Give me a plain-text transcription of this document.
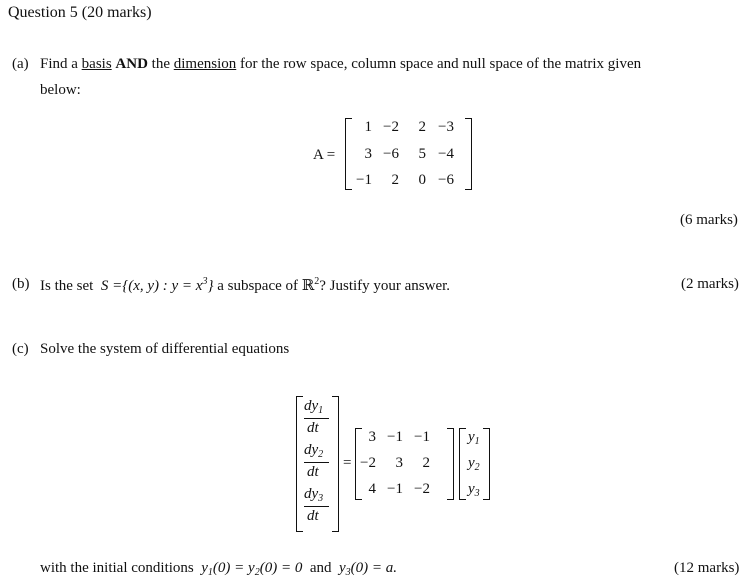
Question 5 (20 marks)
(a) Find a basis AND the dimension for the row space, column space and null space of the matrix given
below:
A =
1 −2	2 −3
3 −6	5 −4
−1	2	0 −6
(6 marks)
(b) Is the set S ={(x, y) : $y = x^3$} a subspace of ℝ$^2$? Justify your answer.	(2 marks)
(c) Solve the system of differential equations
$dy_1$
dt
$dy_2$
dt
$dy_3$
dt
=
3 −1 −1
−2	3	2
4 −1 −2
$y_1$
$y_2$
$y_3$
with the initial conditions $y_1(0) = y_2(0) = 0$ and $y_3(0) = a$.	(12 marks)
